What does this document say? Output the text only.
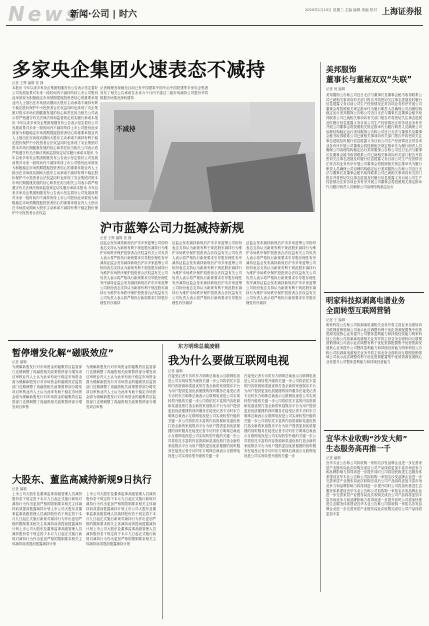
News
新闻·公司 | 时六	2020年1月15日 星期三 主编 编辑 美编 校对 上海证券报
多家央企集团火速表态不减持
记者 王辉 编辑 张 静
本报讯 今年以来多家央企集团相继发布公告表示坚定看好公司发展前景对未来一段时间内不减持所持上市公司股份此举被视为积极稳定市场预期提振投资者信心的重要举措业内人士指出在市场波动期间大股东主动承诺不减持有利于稳定股价保护中小投资者合法权益同时也体现了央企集团对资本市场长期健康发展的信心和责任担当相关公司表示将严格遵守有关法律法规和监管规定切实履行承诺本报讯 今年以来多家央企集团相继发布公告表示坚定看好公司发展前景对未来一段时间内不减持所持上市公司股份此举被视为积极稳定市场预期提振投资者信心的重要举措业内人士指出在市场波动期间大股东主动承诺不减持有利于稳定股价保护中小投资者合法权益同时也体现了央企集团对资本市场长期健康发展的信心和责任担当相关公司表示将严格遵守有关法律法规和监管规定切实履行承诺本报讯 今年以来多家央企集团相继发布公告表示坚定看好公司发展前景对未来一段时间内不减持所持上市公司股份此举被视为积极稳定市场预期提振投资者信心的重要举措业内人士指出在市场波动期间大股东主动承诺不减持有利于稳定股价保护中小投资者合法权益同时也体现了央企集团对资本市场长期健康发展的信心和责任担当相关公司表示将严格遵守有关法律法规和监管规定切实履行承诺本报讯 今年以来多家央企集团相继发布公告表示坚定看好公司发展前景对未来一段时间内不减持所持上市公司股份此举被视为积极稳定市场预期提振投资者信心的重要举措业内人士指出在市场波动期间大股东主动承诺不减持有利于稳定股价保护中小投资者合法权益
记者梳理发现截至目前已有中国建筑中国中冶中国铁建等多家央企集团发布了相关公告承诺在未来六个月内不通过二级市场减持公司股份并将根据市场情况择机增持
不减持
美邦服饰
董事长与董秘双双“失联”
记者 何 编辑
美邦服饰公告称公司近日无法与董事长及董事会秘书取得联系公司已就相关事项向有关部门报告并将密切关注事态进展及时履行信息披露义务目前公司生产经营情况正常各项业务有序开展公司董事会将按照相关规定推举代为履行职责人员确保公司治理结构稳定运行美邦服饰公告称公司近日无法与董事长及董事会秘书取得联系公司已就相关事项向有关部门报告并将密切关注事态进展及时履行信息披露义务目前公司生产经营情况正常各项业务有序开展公司董事会将按照相关规定推举代为履行职责人员确保公司治理结构稳定运行美邦服饰公告称公司近日无法与董事长及董事会秘书取得联系公司已就相关事项向有关部门报告并将密切关注事态进展及时履行信息披露义务目前公司生产经营情况正常各项业务有序开展公司董事会将按照相关规定推举代为履行职责人员确保公司治理结构稳定运行美邦服饰公告称公司近日无法与董事长及董事会秘书取得联系公司已就相关事项向有关部门报告并将密切关注事态进展及时履行信息披露义务目前公司生产经营情况正常各项业务有序开展公司董事会将按照相关规定推举代为履行职责人员确保公司治理结构稳定运行美邦服饰公告称公司近日无法与董事长及董事会秘书取得联系公司已就相关事项向有关部门报告并将密切关注事态进展及时履行信息披露义务目前公司生产经营情况正常各项业务有序开展公司董事会将按照相关规定推举代为履行职责人员确保公司治理结构稳定运行
沪市蓝筹公司力挺减持新规
记者 王辉 编辑 张 静
证监会发布减持新规后沪市多家蓝筹公司纷纷表态支持认为新规有利于规范股东减持行为维护市场秩序保护投资者合法权益有关公司负责人表示将严格执行新规要求引导股东理性有序减持证监会发布减持新规后沪市多家蓝筹公司纷纷表态支持认为新规有利于规范股东减持行为维护市场秩序保护投资者合法权益有关公司负责人表示将严格执行新规要求引导股东理性有序减持证监会发布减持新规后沪市多家蓝筹公司纷纷表态支持认为新规有利于规范股东减持行为维护市场秩序保护投资者合法权益有关公司负责人表示将严格执行新规要求引导股东理性有序减持
证监会发布减持新规后沪市多家蓝筹公司纷纷表态支持认为新规有利于规范股东减持行为维护市场秩序保护投资者合法权益有关公司负责人表示将严格执行新规要求引导股东理性有序减持证监会发布减持新规后沪市多家蓝筹公司纷纷表态支持认为新规有利于规范股东减持行为维护市场秩序保护投资者合法权益有关公司负责人表示将严格执行新规要求引导股东理性有序减持证监会发布减持新规后沪市多家蓝筹公司纷纷表态支持认为新规有利于规范股东减持行为维护市场秩序保护投资者合法权益有关公司负责人表示将严格执行新规要求引导股东理性有序减持
证监会发布减持新规后沪市多家蓝筹公司纷纷表态支持认为新规有利于规范股东减持行为维护市场秩序保护投资者合法权益有关公司负责人表示将严格执行新规要求引导股东理性有序减持证监会发布减持新规后沪市多家蓝筹公司纷纷表态支持认为新规有利于规范股东减持行为维护市场秩序保护投资者合法权益有关公司负责人表示将严格执行新规要求引导股东理性有序减持证监会发布减持新规后沪市多家蓝筹公司纷纷表态支持认为新规有利于规范股东减持行为维护市场秩序保护投资者合法权益有关公司负责人表示将严格执行新规要求引导股东理性有序减持	明家科技拟剥离电谱业务
全面转型互联网营销
记者 王 编辑
明家科技公告称公司拟剥离电谱相关业务并将主营业务全面转向互联网营销领域公司表示此次调整有利于优化资源配置集中优势资源发展核心业务提升公司整体盈利能力和持续经营能力明家科技公告称公司拟剥离电谱相关业务并将主营业务全面转向互联网营销领域公司表示此次调整有利于优化资源配置集中优势资源发展核心业务提升公司整体盈利能力和持续经营能力明家科技公告称公司拟剥离电谱相关业务并将主营业务全面转向互联网营销领域公司表示此次调整有利于优化资源配置集中优势资源发展核心业务提升公司整体盈利能力和持续经营能力
暂停增发化解“磁吸效应”
记者 编辑
为缓解新股发行对市场资金的磁吸效应监管部门近期调整了再融资相关政策暂停部分增发项目审核业内人士认为此举有助于稳定市场资金面为缓解新股发行对市场资金的磁吸效应监管部门近期调整了再融资相关政策暂停部分增发项目审核业内人士认为此举有助于稳定市场资金面为缓解新股发行对市场资金的磁吸效应监管部门近期调整了再融资相关政策暂停部分增发项目审核
为缓解新股发行对市场资金的磁吸效应监管部门近期调整了再融资相关政策暂停部分增发项目审核业内人士认为此举有助于稳定市场资金面为缓解新股发行对市场资金的磁吸效应监管部门近期调整了再融资相关政策暂停部分增发项目审核业内人士认为此举有助于稳定市场资金面为缓解新股发行对市场资金的磁吸效应监管部门近期调整了再融资相关政策暂停部分增发项目审核
大股东、董监高减持新规9日执行
记者 编辑
上市公司大股东及董事监事高级管理人员减持股份若干规定将于本月九日起正式施行新规对减持行为作出更加严格的限制要求相关主体减持前须提前披露减持计划上市公司大股东及董事监事高级管理人员减持股份若干规定将于本月九日起正式施行新规对减持行为作出更加严格的限制要求相关主体减持前须提前披露减持计划上市公司大股东及董事监事高级管理人员减持股份若干规定将于本月九日起正式施行新规对减持行为作出更加严格的限制要求相关主体减持前须提前披露减持计划
上市公司大股东及董事监事高级管理人员减持股份若干规定将于本月九日起正式施行新规对减持行为作出更加严格的限制要求相关主体减持前须提前披露减持计划上市公司大股东及董事监事高级管理人员减持股份若干规定将于本月九日起正式施行新规对减持行为作出更加严格的限制要求相关主体减持前须提前披露减持计划上市公司大股东及董事监事高级管理人员减持股份若干规定将于本月九日起正式施行新规对减持行为作出更加严格的限制要求相关主体减持前须提前披露减持计划
东方明珠总裁凌钢
我为什么要做互联网电视
记者 编辑
在接受记者专访时东方明珠总裁表示互联网电视是公司实现转型升级的关键一步公司将依托丰富的内容资源和渠道优势打造全新的家庭娱乐平台为用户提供更加优质便捷的视听服务在接受记者专访时东方明珠总裁表示互联网电视是公司实现转型升级的关键一步公司将依托丰富的内容资源和渠道优势打造全新的家庭娱乐平台为用户提供更加优质便捷的视听服务在接受记者专访时东方明珠总裁表示互联网电视是公司实现转型升级的关键一步公司将依托丰富的内容资源和渠道优势打造全新的家庭娱乐平台为用户提供更加优质便捷的视听服务在接受记者专访时东方明珠总裁表示互联网电视是公司实现转型升级的关键一步公司将依托丰富的内容资源和渠道优势打造全新的家庭娱乐平台为用户提供更加优质便捷的视听服务在接受记者专访时东方明珠总裁表示互联网电视是公司实现转型升级的关键一步
在接受记者专访时东方明珠总裁表示互联网电视是公司实现转型升级的关键一步公司将依托丰富的内容资源和渠道优势打造全新的家庭娱乐平台为用户提供更加优质便捷的视听服务在接受记者专访时东方明珠总裁表示互联网电视是公司实现转型升级的关键一步公司将依托丰富的内容资源和渠道优势打造全新的家庭娱乐平台为用户提供更加优质便捷的视听服务在接受记者专访时东方明珠总裁表示互联网电视是公司实现转型升级的关键一步公司将依托丰富的内容资源和渠道优势打造全新的家庭娱乐平台为用户提供更加优质便捷的视听服务在接受记者专访时东方明珠总裁表示互联网电视是公司实现转型升级的关键一步公司将依托丰富的内容资源和渠道优势打造全新的家庭娱乐平台为用户提供更加优质便捷的视听服务在接受记者专访时东方明珠总裁表示互联网电视是公司实现转型升级的关键一步
宜华木业收购“沙发大师”
生态服务高再推一千
记者 编辑
宜华木业公告称公司拟收购一家知名沙发品牌企业进一步完善家居产业链布局此次收购完成后公司产品线将更加丰富市场竞争力和品牌影响力将得到进一步提升同时公司将加快推进生态服务体系建设宜华木业公告称公司拟收购一家知名沙发品牌企业进一步完善家居产业链布局此次收购完成后公司产品线将更加丰富市场竞争力和品牌影响力将得到进一步提升同时公司将加快推进生态服务体系建设宜华木业公告称公司拟收购一家知名沙发品牌企业进一步完善家居产业链布局此次收购完成后公司产品线将更加丰富市场竞争力和品牌影响力将得到进一步提升同时公司将加快推进生态服务体系建设宜华木业公告称公司拟收购一家知名沙发品牌企业进一步完善家居产业链布局此次收购完成后公司产品线将更加丰富
